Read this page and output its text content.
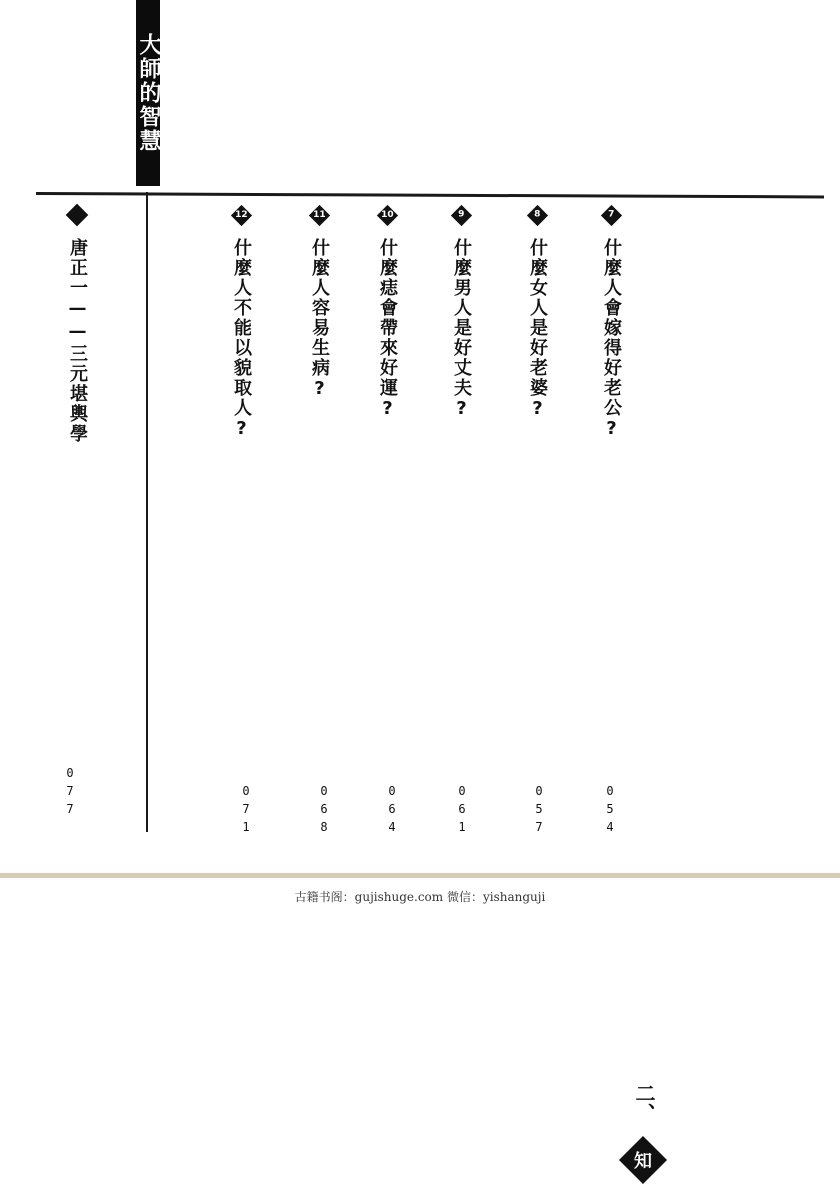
大師的智慧
唐正一——三元堪輿學
077
12
什麼人不能以貌取人?
071
11
什麼人容易生病?
068
10
什麼痣會帶來好運?
064
9
什麼男人是好丈夫?
061
8
什麼女人是好老婆?
057
7
什麼人會嫁得好老公?
054
古籍书阁：gujishuge.com 微信：yishanguji
二、
知
